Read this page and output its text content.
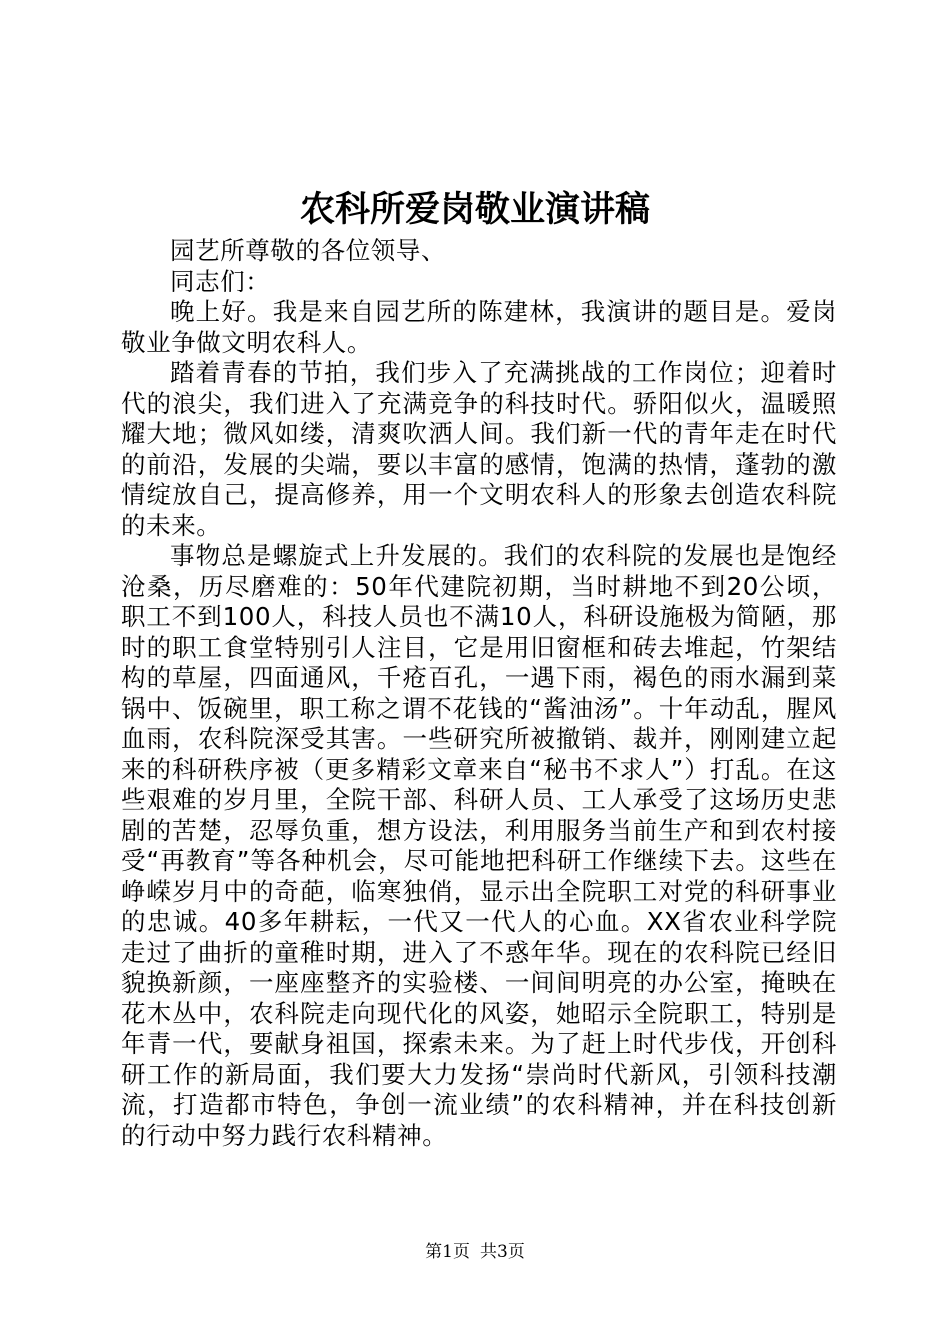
农科所爱岗敬业演讲稿

园艺所尊敬的各位领导、

同志们：

晚上好。我是来自园艺所的陈建林，我演讲的题目是。爱岗敬业争做文明农科人。

踏着青春的节拍，我们步入了充满挑战的工作岗位；迎着时代的浪尖，我们进入了充满竞争的科技时代。骄阳似火，温暖照耀大地；微风如缕，清爽吹洒人间。我们新一代的青年走在时代的前沿，发展的尖端，要以丰富的感情，饱满的热情，蓬勃的激情绽放自己，提高修养，用一个文明农科人的形象去创造农科院的未来。

事物总是螺旋式上升发展的。我们的农科院的发展也是饱经沧桑，历尽磨难的：50年代建院初期，当时耕地不到20公顷，职工不到100人，科技人员也不满10人，科研设施极为简陋，那时的职工食堂特别引人注目，它是用旧窗框和砖去堆起，竹架结构的草屋，四面通风，千疮百孔，一遇下雨，褐色的雨水漏到菜锅中、饭碗里，职工称之谓不花钱的“酱油汤”。十年动乱，腥风血雨，农科院深受其害。一些研究所被撤销、裁并，刚刚建立起来的科研秩序被（更多精彩文章来自“秘书不求人”）打乱。在这些艰难的岁月里，全院干部、科研人员、工人承受了这场历史悲剧的苦楚，忍辱负重，想方设法，利用服务当前生产和到农村接受“再教育”等各种机会，尽可能地把科研工作继续下去。这些在峥嵘岁月中的奇葩，临寒独俏，显示出全院职工对党的科研事业的忠诚。40多年耕耘，一代又一代人的心血。XX省农业科学院走过了曲折的童稚时期，进入了不惑年华。现在的农科院已经旧貌换新颜，一座座整齐的实验楼、一间间明亮的办公室，掩映在花木丛中，农科院走向现代化的风姿，她昭示全院职工，特别是年青一代，要献身祖国，探索未来。为了赶上时代步伐，开创科研工作的新局面，我们要大力发扬“崇尚时代新风，引领科技潮流，打造都市特色，争创一流业绩”的农科精神，并在科技创新的行动中努力践行农科精神。

第1页 共3页
